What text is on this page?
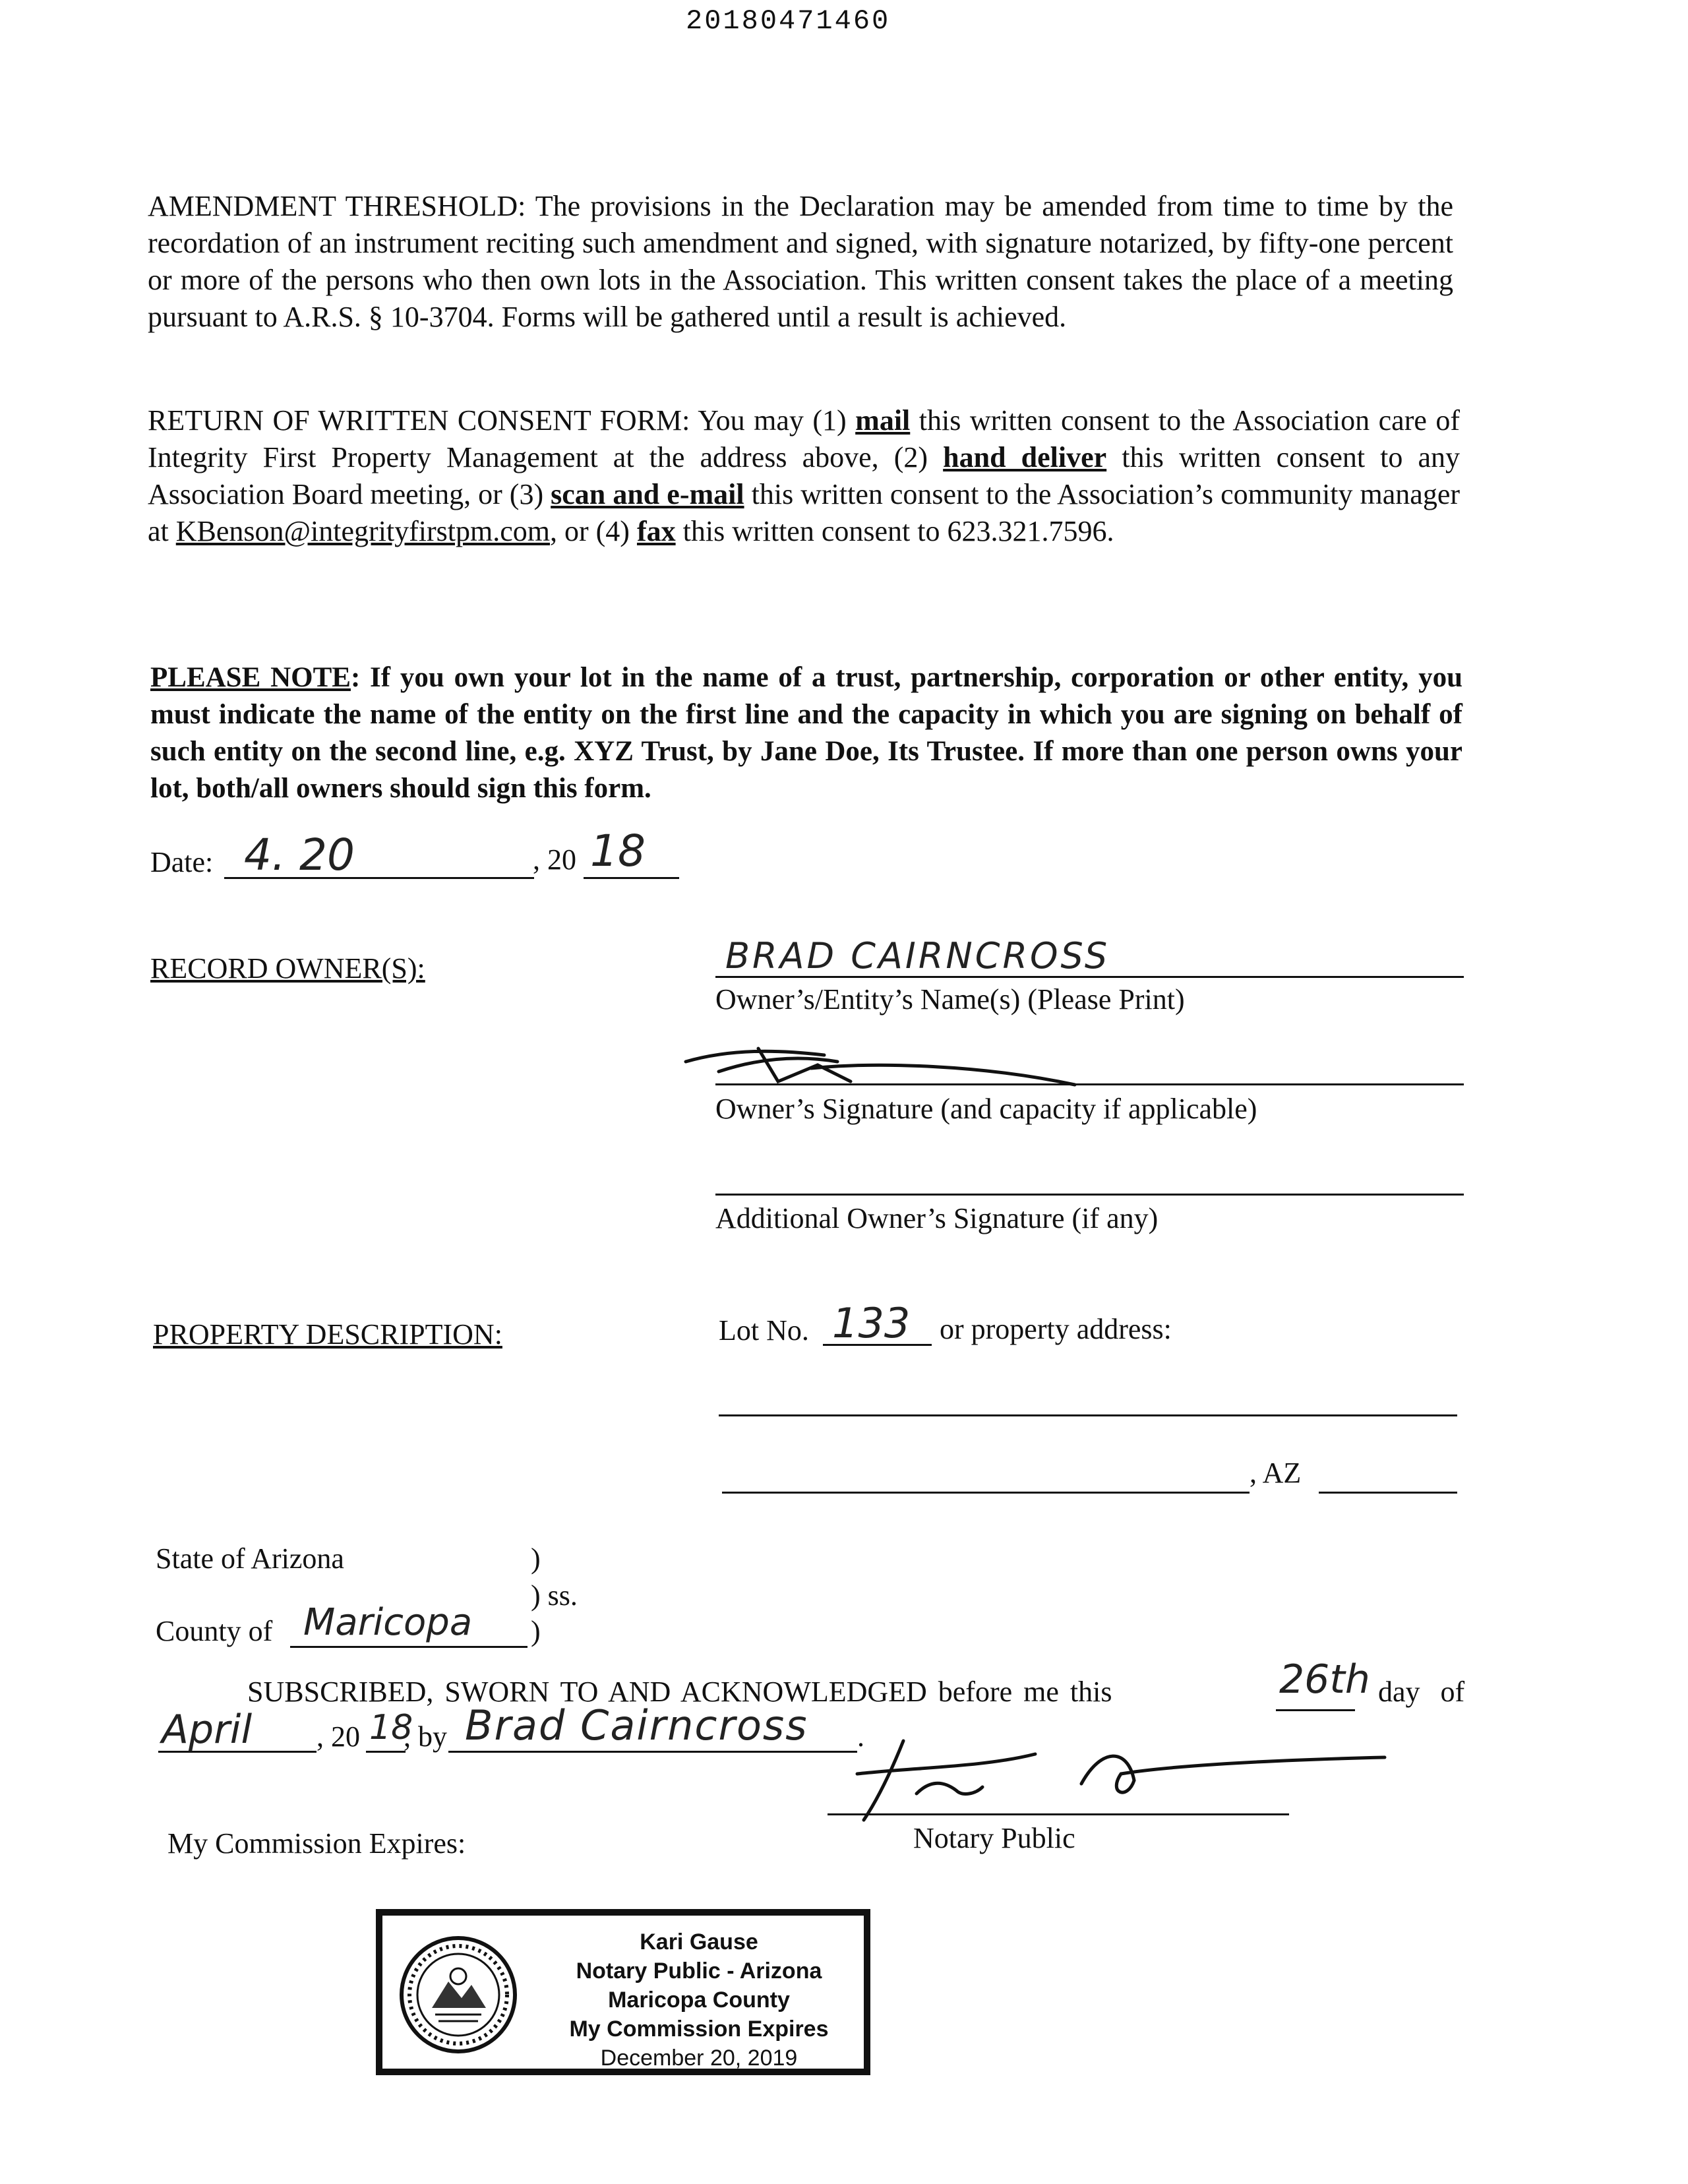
20180471460
AMENDMENT THRESHOLD: The provisions in the Declaration may be amended from time to time by the recordation of an instrument reciting such amendment and signed, with signature notarized, by fifty-one percent or more of the persons who then own lots in the Association. This written consent takes the place of a meeting pursuant to A.R.S. § 10-3704. Forms will be gathered until a result is achieved.
RETURN OF WRITTEN CONSENT FORM: You may (1) mail this written consent to the Association care of Integrity First Property Management at the address above, (2) hand deliver this written consent to any Association Board meeting, or (3) scan and e-mail this written consent to the Association’s community manager at KBenson@integrityfirstpm.com, or (4) fax this written consent to 623.321.7596.
PLEASE NOTE: If you own your lot in the name of a trust, partnership, corporation or other entity, you must indicate the name of the entity on the first line and the capacity in which you are signing on behalf of such entity on the second line, e.g. XYZ Trust, by Jane Doe, Its Trustee. If more than one person owns your lot, both/all owners should sign this form.
Date: 4. 20	, 20 18
RECORD OWNER(S):	BRAD CAIRNCROSS
Owner’s/Entity’s Name(s) (Please Print)
Owner’s Signature (and capacity if applicable)
Additional Owner’s Signature (if any)
PROPERTY DESCRIPTION:	Lot No. 133 or property address:
, AZ
State of Arizona	)
) ss.
County of Maricopa )
SUBSCRIBED, SWORN TO AND ACKNOWLEDGED before me this	26th day of
April , 20 18
, by Brad Cairncross .
Notary Public
My Commission Expires:
Kari Gause
Notary Public - Arizona
Maricopa County
My Commission Expires
December 20, 2019
